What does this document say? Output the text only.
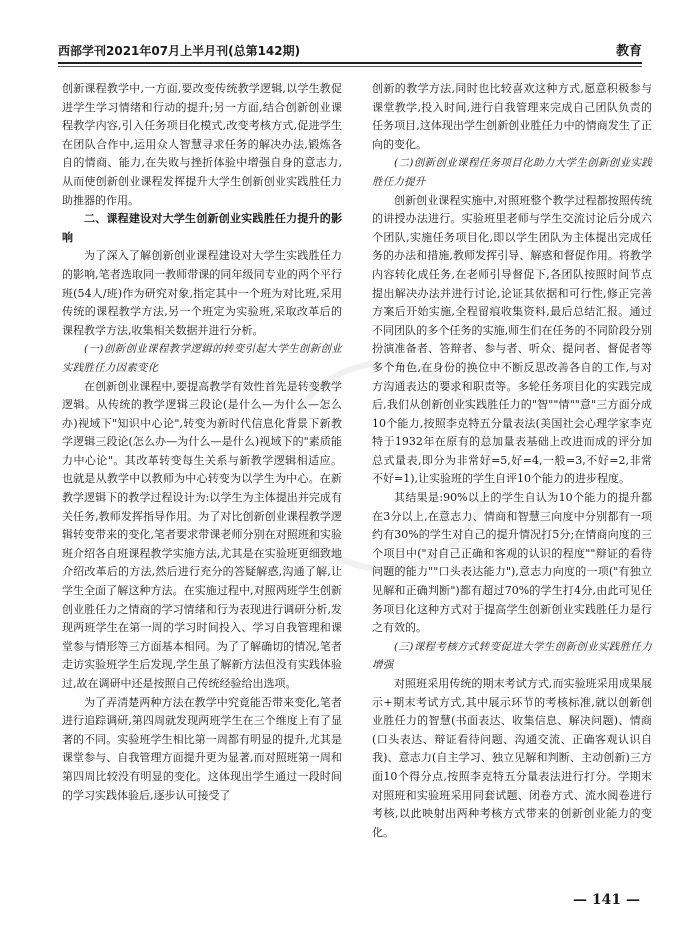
西部学刊2021年07月上半月刊(总第142期)	教育

创新课程教学中,一方面,要改变传统教学逻辑,以学生教促进学生学习情绪和行动的提升;另一方面,结合创新创业课程教学内容,引入任务项目化模式,改变考核方式,促进学生在团队合作中,运用众人智慧寻求任务的解决办法,锻炼各自的情商、能力,在失败与挫折体验中增强自身的意志力,从而使创新创业课程发挥提升大学生创新创业实践胜任力助推器的作用。

二、课程建设对大学生创新创业实践胜任力提升的影响

为了深入了解创新创业课程建设对大学生实践胜任力的影响,笔者选取同一教师带课的同年级同专业的两个平行班(54人/班)作为研究对象,指定其中一个班为对比班,采用传统的课程教学方法,另一个班定为实验班,采取改革后的课程教学方法,收集相关数据并进行分析。

(一)创新创业课程教学逻辑的转变引起大学生创新创业实践胜任力因素变化

在创新创业课程中,要提高教学有效性首先是转变教学逻辑。从传统的教学逻辑三段论(是什么—为什么—怎么办)视域下"知识中心论",转变为新时代信息化背景下新教学逻辑三段论(怎么办—为什么—是什么)视域下的"素质能力中心论"。其改革转变每生关系与新教学逻辑相适应。也就是从教学中以教师为中心转变为以学生为中心。在新教学逻辑下的教学过程设计为:以学生为主体提出并完成有关任务,教师发挥指导作用。为了对比创新创业课程教学逻辑转变带来的变化,笔者要求带课老师分别在对照班和实验班介绍各自班课程教学实施方法,尤其是在实验班更细致地介绍改革后的方法,然后进行充分的答疑解惑,沟通了解,让学生全面了解这种方法。在实施过程中,对照两班学生创新创业胜任力之情商的学习情绪和行为表现进行调研分析,发现两班学生在第一周的学习时间投入、学习自我管理和课堂参与情形等三方面基本相同。为了了解确切的情况,笔者走访实验班学生后发现,学生虽了解新方法但没有实践体验过,故在调研中还是按照自己传统经验给出选项。

为了弄清楚两种方法在教学中究竟能否带来变化,笔者进行追踪调研,第四周就发现两班学生在三个维度上有了显著的不同。实验班学生相比第一周都有明显的提升,尤其是课堂参与、自我管理方面提升更为显著,而对照班第一周和第四周比较没有明显的变化。这体现出学生通过一段时间的学习实践体验后,逐步认可接受了

创新的教学方法,同时也比较喜欢这种方式,愿意积极参与课堂教学,投入时间,进行自我管理来完成自己团队负责的任务项目,这体现出学生创新创业胜任力中的情商发生了正向的变化。

(二)创新创业课程任务项目化助力大学生创新创业实践胜任力提升

创新创业课程实施中,对照班整个教学过程都按照传统的讲授办法进行。实验班里老师与学生交流讨论后分成六个团队,实施任务项目化,即以学生团队为主体提出完成任务的办法和措施,教师发挥引导、解惑和督促作用。将教学内容转化成任务,在老师引导督促下,各团队按照时间节点提出解决办法并进行讨论,论证其依据和可行性,修正完善方案后开始实施,全程留痕收集资料,最后总结汇报。通过不同团队的多个任务的实施,师生们在任务的不同阶段分别扮演准备者、答辩者、参与者、听众、提问者、督促者等多个角色,在身份的换位中不断反思改善各自的工作,与对方沟通表达的要求和职责等。多轮任务项目化的实践完成后,我们从创新创业实践胜任力的"智""情""意"三方面分成10个能力,按照李克特五分量表法(美国社会心理学家李克特于1932年在原有的总加量表基础上改进而成的评分加总式量表,即分为非常好=5,好=4,一般=3,不好=2,非常不好=1),让实验班的学生自评10个能力的进步程度。

其结果是:90%以上的学生自认为10个能力的提升都在3分以上,在意志力、情商和智慧三向度中分别都有一项约有30%的学生对自己的提升情况打5分;在情商向度的三个项目中("对自己正确和客观的认识的程度""辩证的看待问题的能力""口头表达能力"),意志力向度的一项("有独立见解和正确判断")都有超过70%的学生打4分,由此可见任务项目化这种方式对于提高学生创新创业实践胜任力是行之有效的。

(三)课程考核方式转变促进大学生创新创业实践胜任力增强

对照班采用传统的期末考试方式,而实验班采用成果展示+期末考试方式,其中展示环节的考核标准,就以创新创业胜任力的智慧(书面表达、收集信息、解决问题)、情商(口头表达、辩证看待问题、沟通交流、正确客观认识自我)、意志力(自主学习、独立见解和判断、主动创新)三方面10个得分点,按照李克特五分量表法进行打分。学期末对照班和实验班采用同套试题、闭卷方式、流水阅卷进行考核,以此映射出两种考核方式带来的创新创业能力的变化。

— 141 —
